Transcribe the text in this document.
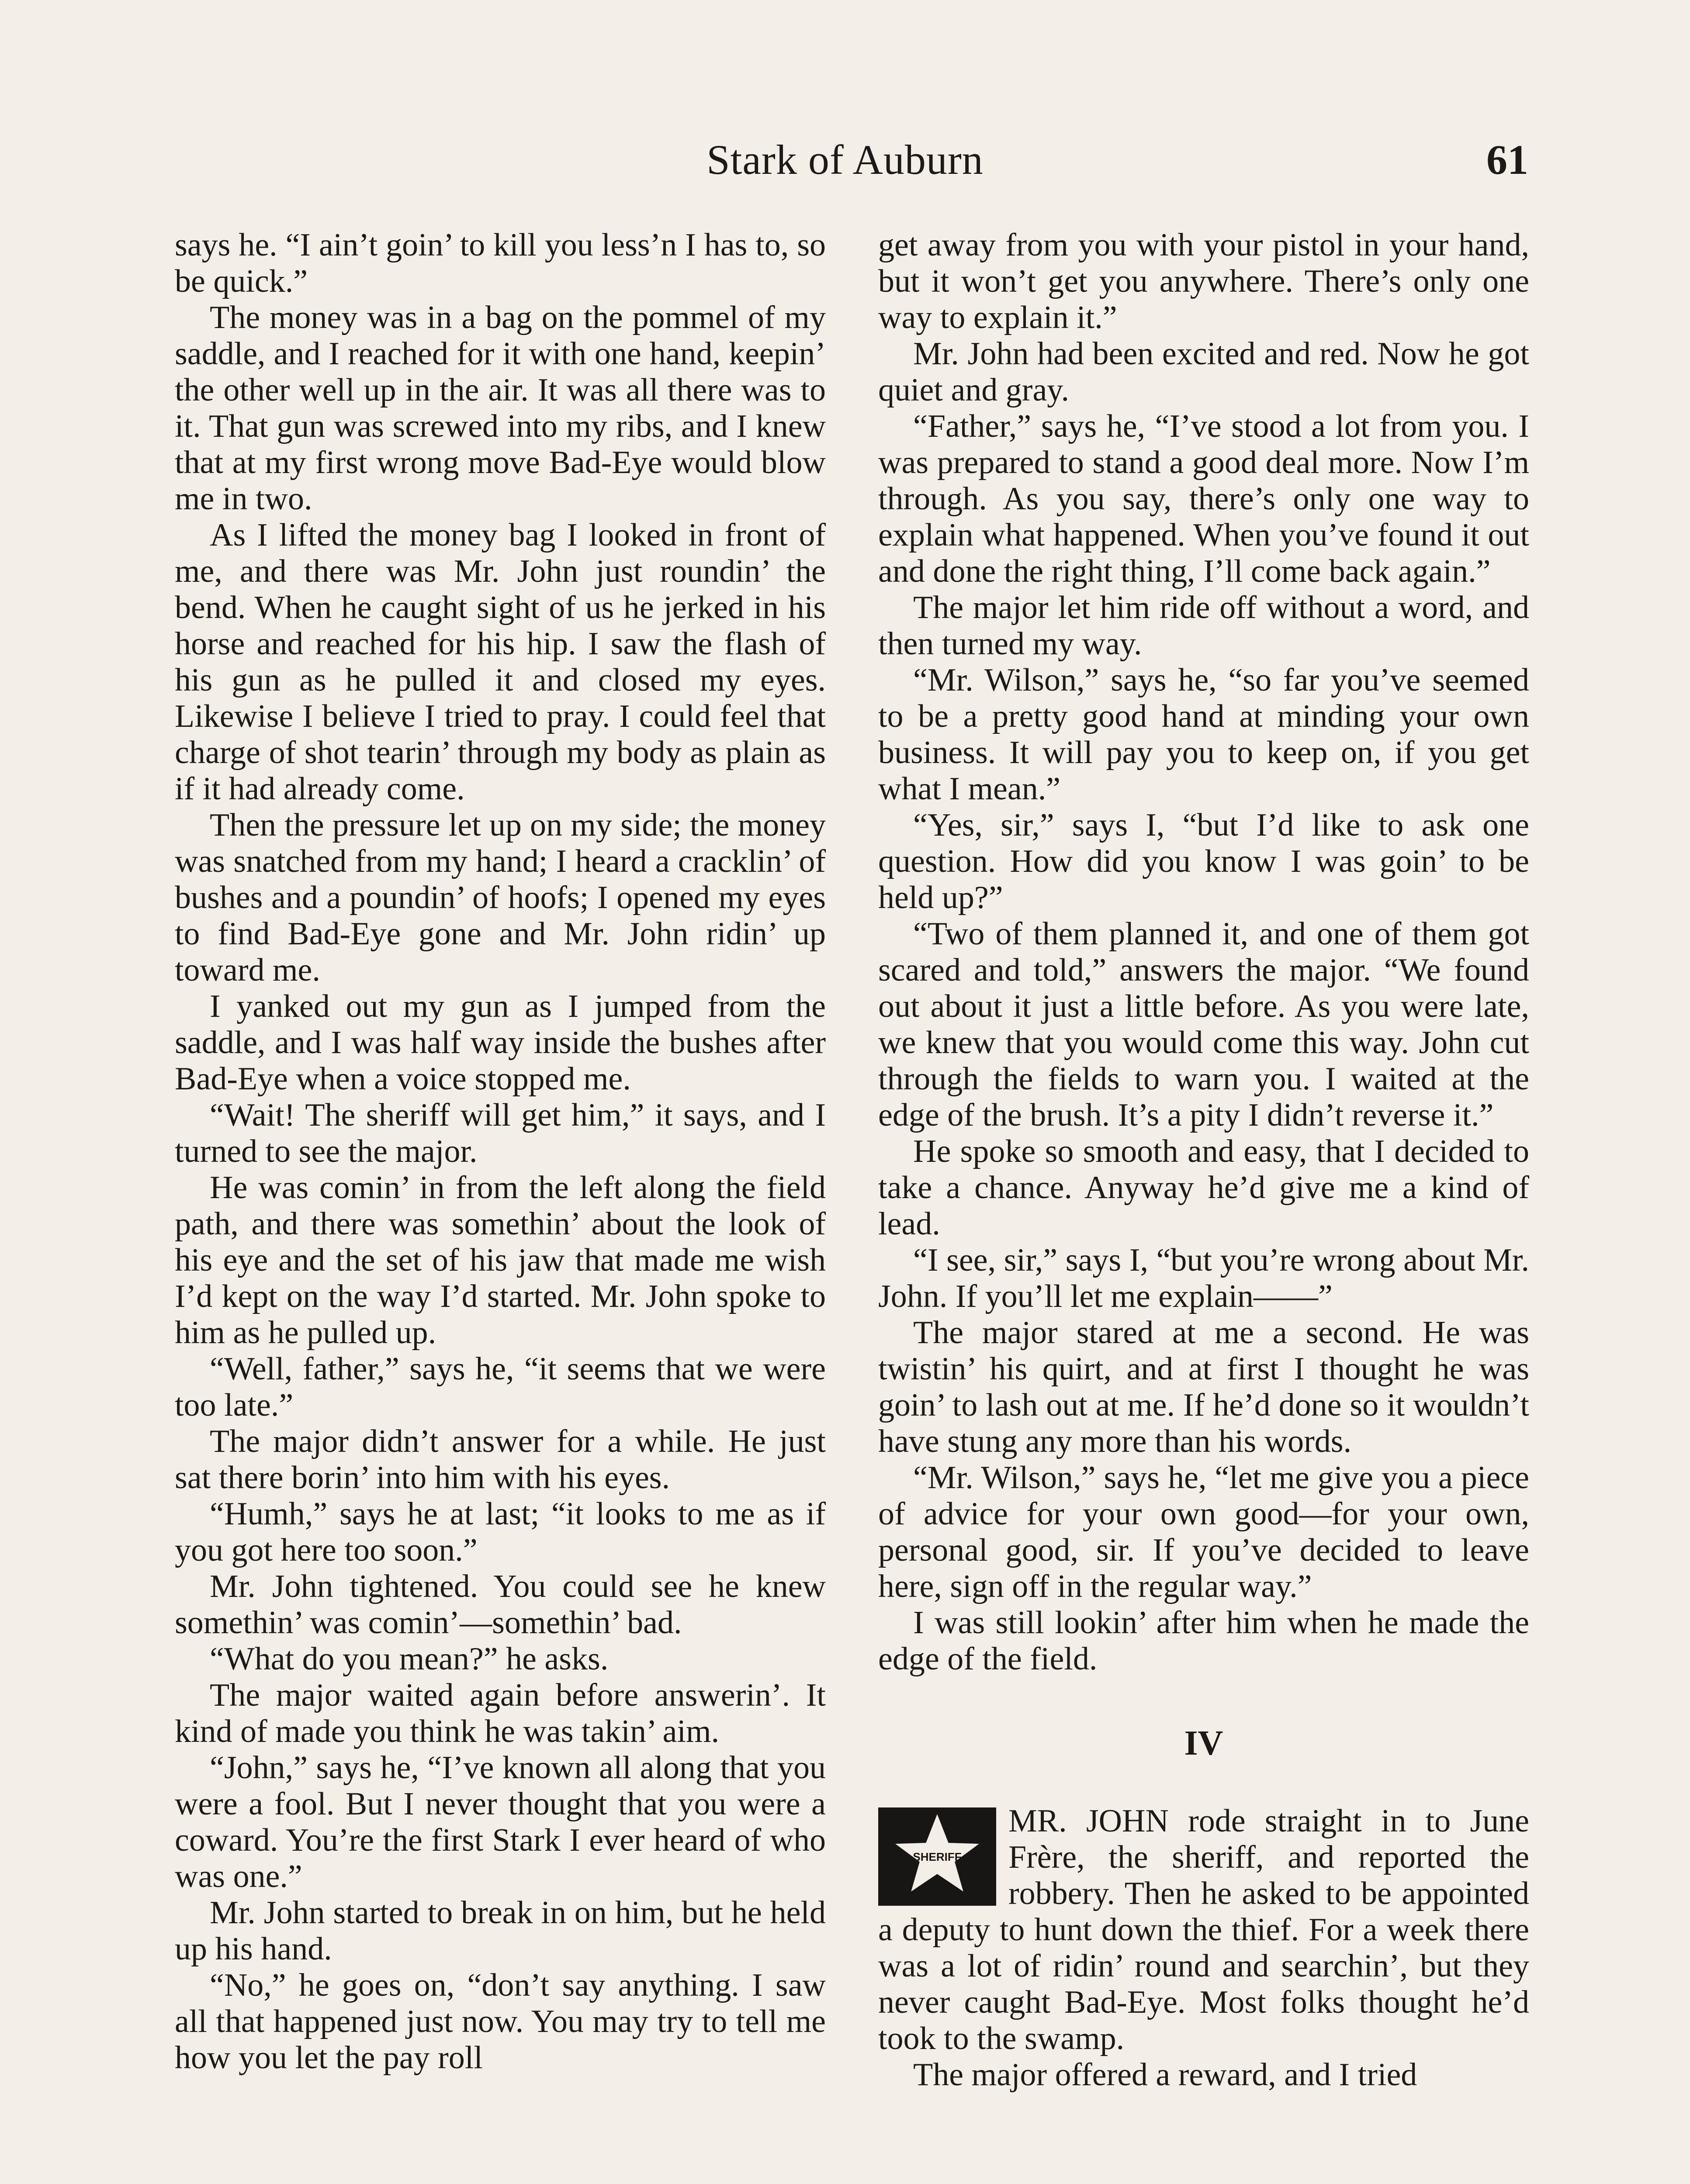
Stark of Auburn	61

says he. “I ain’t goin’ to kill you less’n I has to, so be quick.”

The money was in a bag on the pommel of my saddle, and I reached for it with one hand, keepin’ the other well up in the air. It was all there was to it. That gun was screwed into my ribs, and I knew that at my first wrong move Bad-Eye would blow me in two.

As I lifted the money bag I looked in front of me, and there was Mr. John just roundin’ the bend. When he caught sight of us he jerked in his horse and reached for his hip. I saw the flash of his gun as he pulled it and closed my eyes. Likewise I believe I tried to pray. I could feel that charge of shot tearin’ through my body as plain as if it had already come.

Then the pressure let up on my side; the money was snatched from my hand; I heard a cracklin’ of bushes and a poundin’ of hoofs; I opened my eyes to find Bad-Eye gone and Mr. John ridin’ up toward me.

I yanked out my gun as I jumped from the saddle, and I was half way inside the bushes after Bad-Eye when a voice stopped me.

“Wait! The sheriff will get him,” it says, and I turned to see the major.

He was comin’ in from the left along the field path, and there was somethin’ about the look of his eye and the set of his jaw that made me wish I’d kept on the way I’d started. Mr. John spoke to him as he pulled up.

“Well, father,” says he, “it seems that we were too late.”

The major didn’t answer for a while. He just sat there borin’ into him with his eyes.

“Humh,” says he at last; “it looks to me as if you got here too soon.”

Mr. John tightened. You could see he knew somethin’ was comin’—somethin’ bad.

“What do you mean?” he asks.

The major waited again before answerin’. It kind of made you think he was takin’ aim.

“John,” says he, “I’ve known all along that you were a fool. But I never thought that you were a coward. You’re the first Stark I ever heard of who was one.”

Mr. John started to break in on him, but he held up his hand.

“No,” he goes on, “don’t say anything. I saw all that happened just now. You may try to tell me how you let the pay roll

get away from you with your pistol in your hand, but it won’t get you anywhere. There’s only one way to explain it.”

Mr. John had been excited and red. Now he got quiet and gray.

“Father,” says he, “I’ve stood a lot from you. I was prepared to stand a good deal more. Now I’m through. As you say, there’s only one way to explain what happened. When you’ve found it out and done the right thing, I’ll come back again.”

The major let him ride off without a word, and then turned my way.

“Mr. Wilson,” says he, “so far you’ve seemed to be a pretty good hand at minding your own business. It will pay you to keep on, if you get what I mean.”

“Yes, sir,” says I, “but I’d like to ask one question. How did you know I was goin’ to be held up?”

“Two of them planned it, and one of them got scared and told,” answers the major. “We found out about it just a little before. As you were late, we knew that you would come this way. John cut through the fields to warn you. I waited at the edge of the brush. It’s a pity I didn’t reverse it.”

He spoke so smooth and easy, that I decided to take a chance. Anyway he’d give me a kind of lead.

“I see, sir,” says I, “but you’re wrong about Mr. John. If you’ll let me explain——”

The major stared at me a second. He was twistin’ his quirt, and at first I thought he was goin’ to lash out at me. If he’d done so it wouldn’t have stung any more than his words.

“Mr. Wilson,” says he, “let me give you a piece of advice for your own good—for your own, personal good, sir. If you’ve decided to leave here, sign off in the regular way.”

I was still lookin’ after him when he made the edge of the field.

IV

SHERIFF
MR. JOHN rode straight in to June Frère, the sheriff, and reported the robbery. Then he asked to be appointed a deputy to hunt down the thief. For a week there was a lot of ridin’ round and searchin’, but they never caught Bad-Eye. Most folks thought he’d took to the swamp.

The major offered a reward, and I tried
